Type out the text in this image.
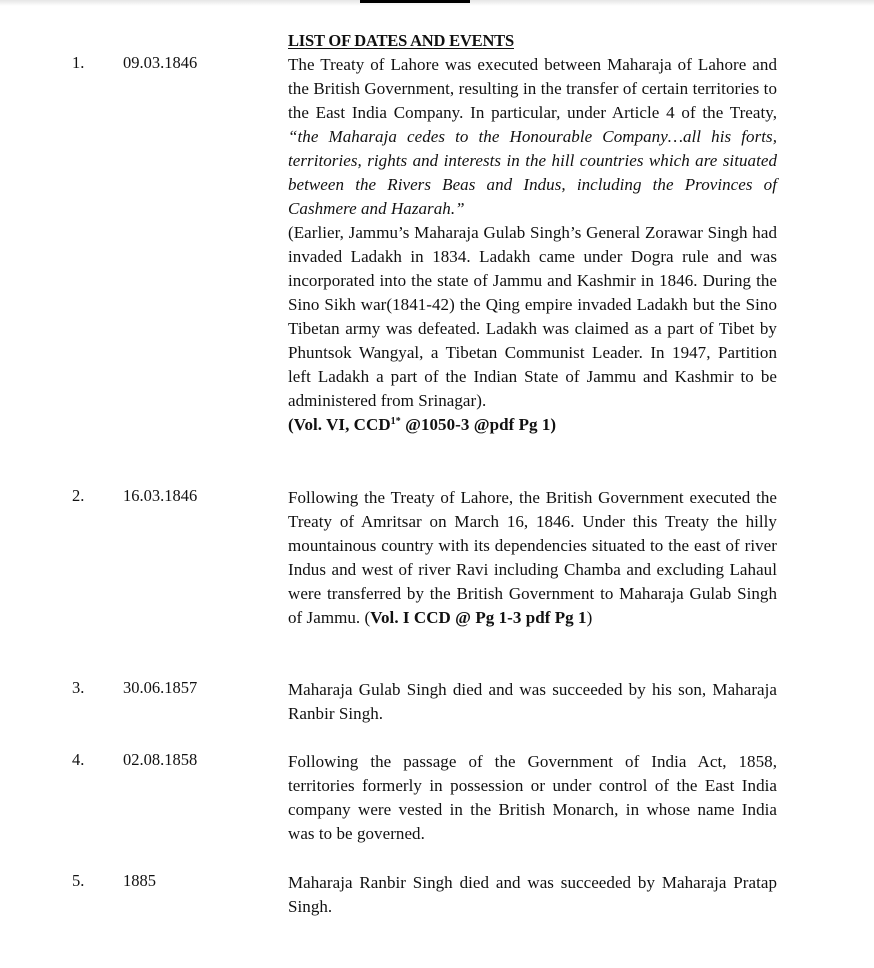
LIST OF DATES AND EVENTS
1. 09.03.1846	The Treaty of Lahore was executed between Maharaja of Lahore and the British Government, resulting in the transfer of certain territories to the East India Company. In particular, under Article 4 of the Treaty, “the Maharaja cedes to the Honourable Company…all his forts, territories, rights and interests in the hill countries which are situated between the Rivers Beas and Indus, including the Provinces of Cashmere and Hazarah.”

(Earlier, Jammu’s Maharaja Gulab Singh’s General Zorawar Singh had invaded Ladakh in 1834. Ladakh came under Dogra rule and was incorporated into the state of Jammu and Kashmir in 1846. During the Sino Sikh war(1841-42) the Qing empire invaded Ladakh but the Sino Tibetan army was defeated. Ladakh was claimed as a part of Tibet by Phuntsok Wangyal, a Tibetan Communist Leader. In 1947, Partition left Ladakh a part of the Indian State of Jammu and Kashmir to be administered from Srinagar).

(Vol. VI, $CCD^{1*}$ @1050-3 @pdf Pg 1)

2. 16.03.1846	Following the Treaty of Lahore, the British Government executed the Treaty of Amritsar on March 16, 1846. Under this Treaty the hilly mountainous country with its dependencies situated to the east of river Indus and west of river Ravi including Chamba and excluding Lahaul were transferred by the British Government to Maharaja Gulab Singh of Jammu. (Vol. I CCD @ Pg 1-3 pdf Pg 1)

3. 30.06.1857	Maharaja Gulab Singh died and was succeeded by his son, Maharaja Ranbir Singh.

4. 02.08.1858	Following the passage of the Government of India Act, 1858, territories formerly in possession or under control of the East India company were vested in the British Monarch, in whose name India was to be governed.

5. 1885	Maharaja Ranbir Singh died and was succeeded by Maharaja Pratap Singh.
